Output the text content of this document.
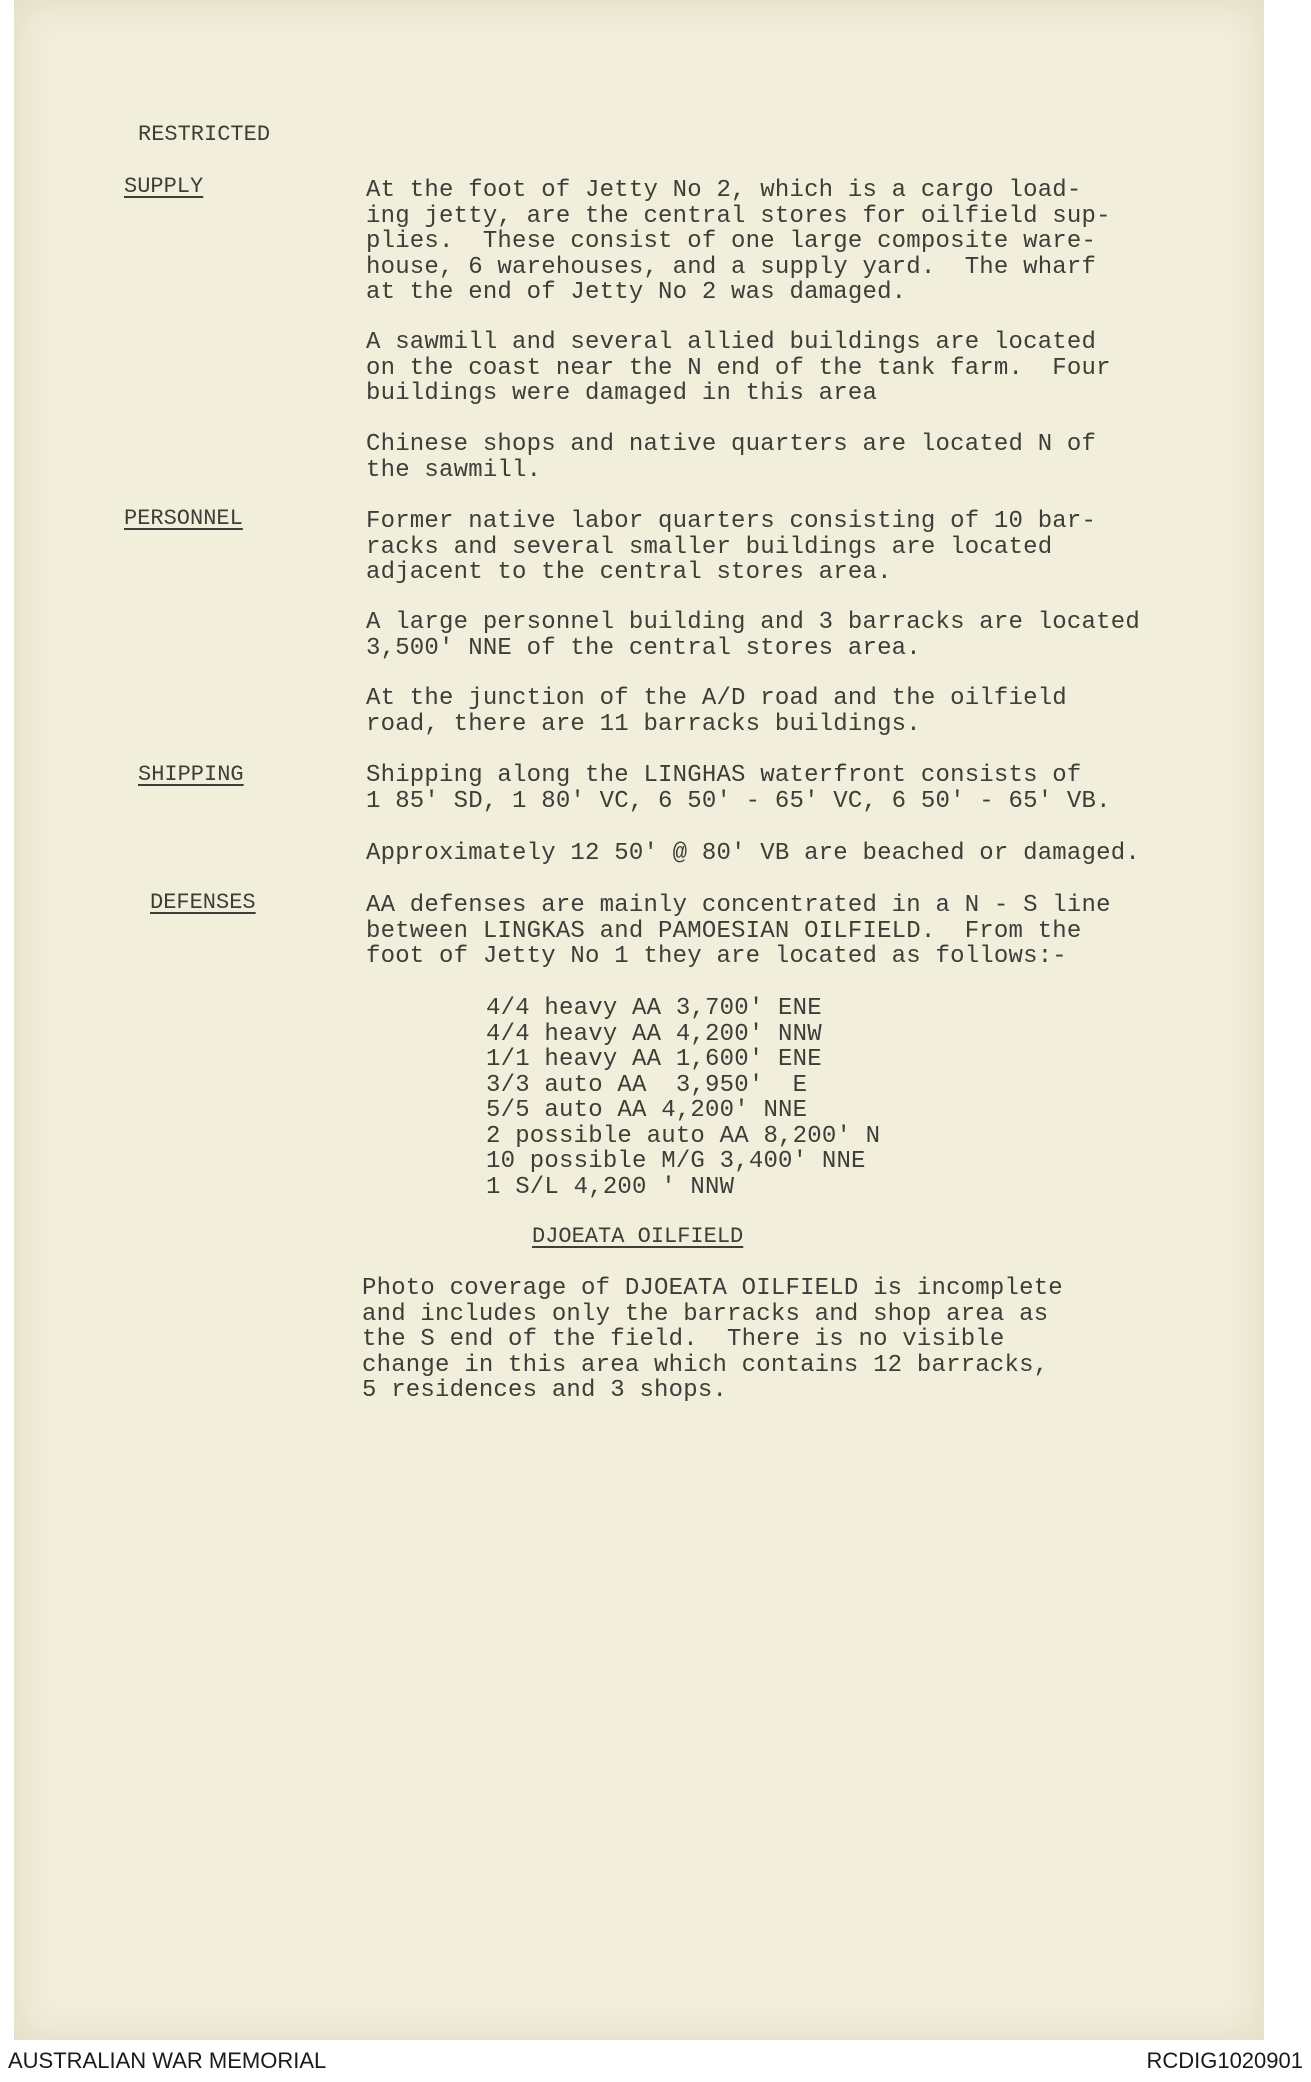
RESTRICTED
SUPPLY	At the foot of Jetty No 2, which is a cargo load-
ing jetty, are the central stores for oilfield sup-
plies.  These consist of one large composite ware-
house, 6 warehouses, and a supply yard.  The wharf
at the end of Jetty No 2 was damaged.
A sawmill and several allied buildings are located
on the coast near the N end of the tank farm.  Four
buildings were damaged in this area
Chinese shops and native quarters are located N of
the sawmill.
PERSONNEL	Former native labor quarters consisting of 10 bar-
racks and several smaller buildings are located
adjacent to the central stores area.
A large personnel building and 3 barracks are located
3,500' NNE of the central stores area.
At the junction of the A/D road and the oilfield
road, there are 11 barracks buildings.
SHIPPING	Shipping along the LINGHAS waterfront consists of
1 85' SD, 1 80' VC, 6 50' - 65' VC, 6 50' - 65' VB.
Approximately 12 50' @ 80' VB are beached or damaged.
DEFENSES	AA defenses are mainly concentrated in a N - S line
between LINGKAS and PAMOESIAN OILFIELD.  From the
foot of Jetty No 1 they are located as follows:-
4/4 heavy AA 3,700' ENE
4/4 heavy AA 4,200' NNW
1/1 heavy AA 1,600' ENE
3/3 auto AA  3,950'  E
5/5 auto AA 4,200' NNE
2 possible auto AA 8,200' N
10 possible M/G 3,400' NNE
1 S/L 4,200 ' NNW
DJOEATA OILFIELD
Photo coverage of DJOEATA OILFIELD is incomplete
and includes only the barracks and shop area as
the S end of the field.  There is no visible
change in this area which contains 12 barracks,
5 residences and 3 shops.
AUSTRALIAN WAR MEMORIAL	RCDIG1020901
